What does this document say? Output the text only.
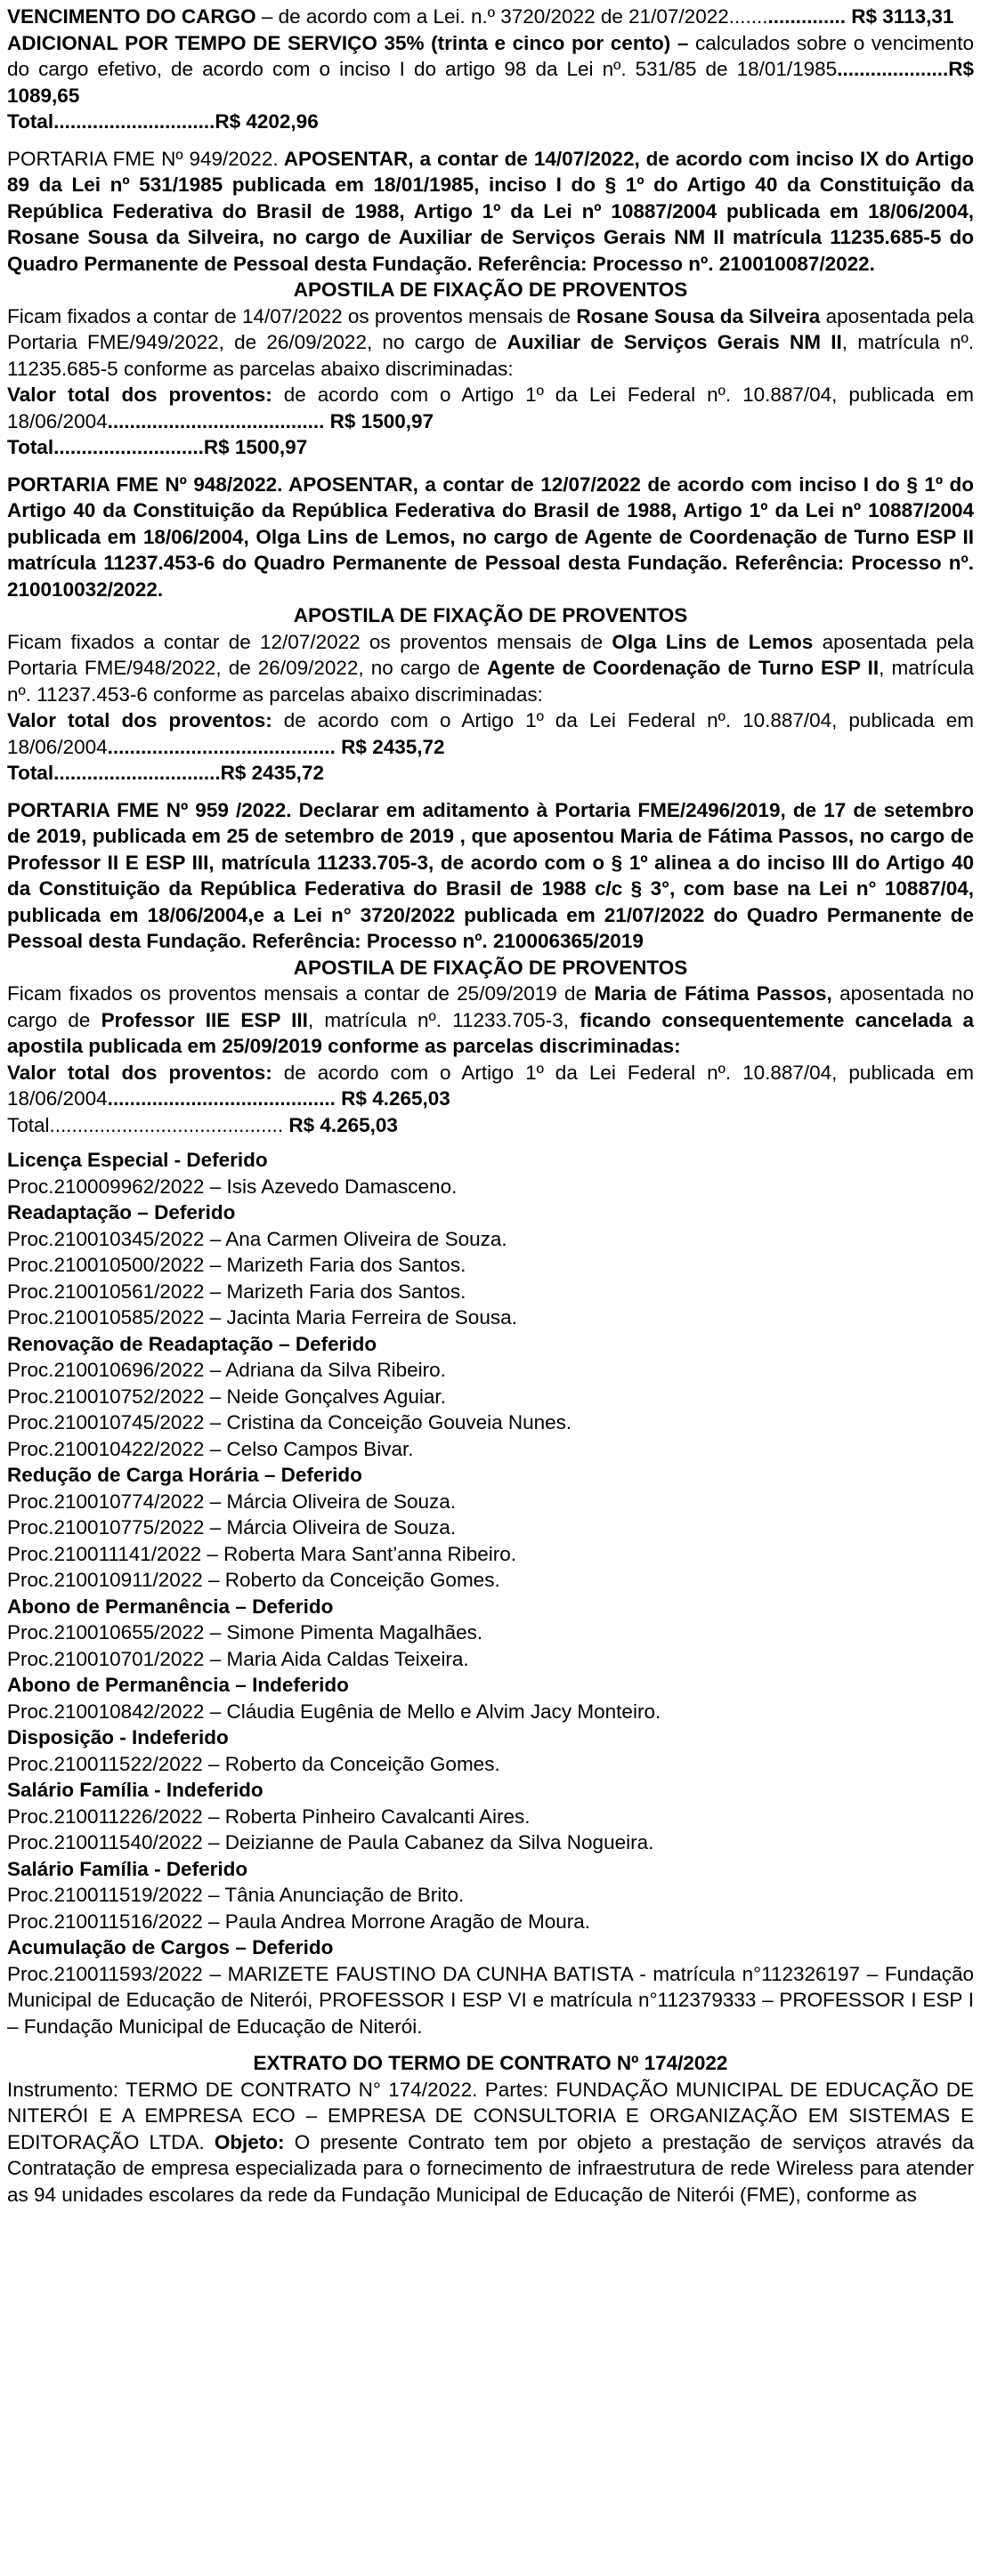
VENCIMENTO DO CARGO – de acordo com a Lei. n.º 3720/2022 de 21/07/2022..................... R$ 3113,31

ADICIONAL POR TEMPO DE SERVIÇO 35% (trinta e cinco por cento) – calculados sobre o vencimento do cargo efetivo, de acordo com o inciso I do artigo 98 da Lei nº. 531/85 de 18/01/1985....................R$ 1089,65

Total.............................R$ 4202,96

PORTARIA FME Nº 949/2022. APOSENTAR, a contar de 14/07/2022, de acordo com inciso IX do Artigo 89 da Lei nº 531/1985 publicada em 18/01/1985, inciso I do § 1º do Artigo 40 da Constituição da República Federativa do Brasil de 1988, Artigo 1º da Lei nº 10887/2004 publicada em 18/06/2004, Rosane Sousa da Silveira, no cargo de Auxiliar de Serviços Gerais NM II matrícula 11235.685-5 do Quadro Permanente de Pessoal desta Fundação. Referência: Processo nº. 210010087/2022.

APOSTILA DE FIXAÇÃO DE PROVENTOS

Ficam fixados a contar de 14/07/2022 os proventos mensais de Rosane Sousa da Silveira aposentada pela Portaria FME/949/2022, de 26/09/2022, no cargo de Auxiliar de Serviços Gerais NM II, matrícula nº. 11235.685-5 conforme as parcelas abaixo discriminadas:

Valor total dos proventos: de acordo com o Artigo 1º da Lei Federal nº. 10.887/04, publicada em 18/06/2004....................................... R$ 1500,97

Total...........................R$ 1500,97

PORTARIA FME Nº 948/2022. APOSENTAR, a contar de 12/07/2022 de acordo com inciso I do § 1º do Artigo 40 da Constituição da República Federativa do Brasil de 1988, Artigo 1º da Lei nº 10887/2004 publicada em 18/06/2004, Olga Lins de Lemos, no cargo de Agente de Coordenação de Turno ESP II matrícula 11237.453-6 do Quadro Permanente de Pessoal desta Fundação. Referência: Processo nº. 210010032/2022.

APOSTILA DE FIXAÇÃO DE PROVENTOS

Ficam fixados a contar de 12/07/2022 os proventos mensais de Olga Lins de Lemos aposentada pela Portaria FME/948/2022, de 26/09/2022, no cargo de Agente de Coordenação de Turno ESP II, matrícula nº. 11237.453-6 conforme as parcelas abaixo discriminadas:

Valor total dos proventos: de acordo com o Artigo 1º da Lei Federal nº. 10.887/04, publicada em 18/06/2004......................................... R$ 2435,72

Total..............................R$ 2435,72

PORTARIA FME Nº 959 /2022. Declarar em aditamento à Portaria FME/2496/2019, de 17 de setembro de 2019, publicada em 25 de setembro de 2019 , que aposentou Maria de Fátima Passos, no cargo de Professor II E ESP III, matrícula 11233.705-3, de acordo com o § 1º alinea a do inciso III do Artigo 40 da Constituição da República Federativa do Brasil de 1988 c/c § 3°, com base na Lei n° 10887/04, publicada em 18/06/2004,e a Lei n° 3720/2022 publicada em 21/07/2022 do Quadro Permanente de Pessoal desta Fundação. Referência: Processo nº. 210006365/2019

APOSTILA DE FIXAÇÃO DE PROVENTOS

Ficam fixados os proventos mensais a contar de 25/09/2019 de Maria de Fátima Passos, aposentada no cargo de Professor IIE ESP III, matrícula nº. 11233.705-3, ficando consequentemente cancelada a apostila publicada em 25/09/2019 conforme as parcelas discriminadas:

Valor total dos proventos: de acordo com o Artigo 1º da Lei Federal nº. 10.887/04, publicada em 18/06/2004......................................... R$ 4.265,03

Total.......................................... R$ 4.265,03

Licença Especial - Deferido

Proc.210009962/2022 – Isis Azevedo Damasceno.

Readaptação – Deferido

Proc.210010345/2022 – Ana Carmen Oliveira de Souza.

Proc.210010500/2022 – Marizeth Faria dos Santos.

Proc.210010561/2022 – Marizeth Faria dos Santos.

Proc.210010585/2022 – Jacinta Maria Ferreira de Sousa.

Renovação de Readaptação – Deferido

Proc.210010696/2022 – Adriana da Silva Ribeiro.

Proc.210010752/2022 – Neide Gonçalves Aguiar.

Proc.210010745/2022 – Cristina da Conceição Gouveia Nunes.

Proc.210010422/2022 – Celso Campos Bivar.

Redução de Carga Horária – Deferido

Proc.210010774/2022 – Márcia Oliveira de Souza.

Proc.210010775/2022 – Márcia Oliveira de Souza.

Proc.210011141/2022 – Roberta Mara Sant’anna Ribeiro.

Proc.210010911/2022 – Roberto da Conceição Gomes.

Abono de Permanência – Deferido

Proc.210010655/2022 – Simone Pimenta Magalhães.

Proc.210010701/2022 – Maria Aida Caldas Teixeira.

Abono de Permanência – Indeferido

Proc.210010842/2022 – Cláudia Eugênia de Mello e Alvim Jacy Monteiro.

Disposição - Indeferido

Proc.210011522/2022 – Roberto da Conceição Gomes.

Salário Família - Indeferido

Proc.210011226/2022 – Roberta Pinheiro Cavalcanti Aires.

Proc.210011540/2022 – Deizianne de Paula Cabanez da Silva Nogueira.

Salário Família - Deferido

Proc.210011519/2022 – Tânia Anunciação de Brito.

Proc.210011516/2022 – Paula Andrea Morrone Aragão de Moura.

Acumulação de Cargos – Deferido

Proc.210011593/2022 – MARIZETE FAUSTINO DA CUNHA BATISTA - matrícula n°112326197 – Fundação Municipal de Educação de Niterói, PROFESSOR I ESP VI e matrícula n°112379333 – PROFESSOR I ESP I – Fundação Municipal de Educação de Niterói.

EXTRATO DO TERMO DE CONTRATO Nº 174/2022

Instrumento: TERMO DE CONTRATO N° 174/2022. Partes: FUNDAÇÃO MUNICIPAL DE EDUCAÇÃO DE NITERÓI E A EMPRESA ECO – EMPRESA DE CONSULTORIA E ORGANIZAÇÃO EM SISTEMAS E EDITORAÇÃO LTDA. Objeto: O presente Contrato tem por objeto a prestação de serviços através da Contratação de empresa especializada para o fornecimento de infraestrutura de rede Wireless para atender as 94 unidades escolares da rede da Fundação Municipal de Educação de Niterói (FME), conforme as
